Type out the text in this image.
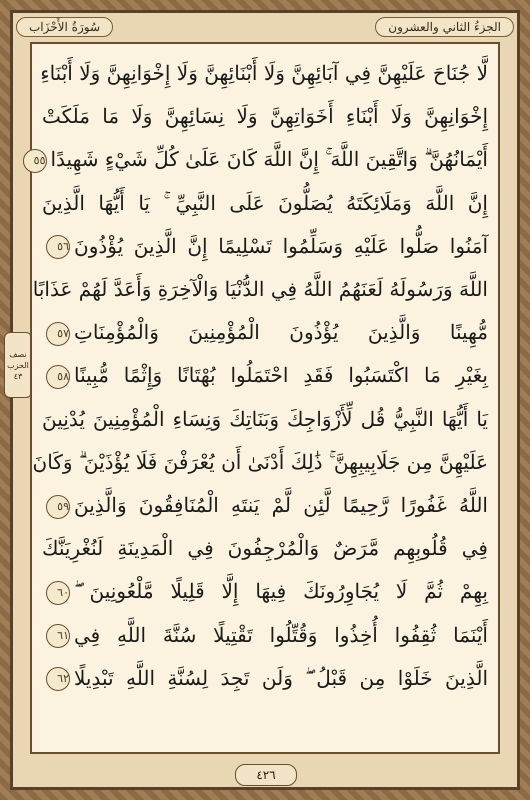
سُورَةُ الأَحْزَاب	الجزءُ الثاني والعشرون
نصف
الحزب
٤٣
لَّا جُنَاحَ عَلَيْهِنَّ فِي آبَائِهِنَّ وَلَا أَبْنَائِهِنَّ وَلَا إِخْوَانِهِنَّ وَلَا أَبْنَاءِ
إِخْوَانِهِنَّ وَلَا أَبْنَاءِ أَخَوَاتِهِنَّ وَلَا نِسَائِهِنَّ وَلَا مَا مَلَكَتْ
أَيْمَانُهُنَّ ۗ وَاتَّقِينَ اللَّهَ ۚ إِنَّ اللَّهَ كَانَ عَلَىٰ كُلِّ شَيْءٍ شَهِيدًا٥٥
إِنَّ اللَّهَ وَمَلَائِكَتَهُ يُصَلُّونَ عَلَى النَّبِيِّ ۚ يَا أَيُّهَا الَّذِينَ
آمَنُوا صَلُّوا عَلَيْهِ وَسَلِّمُوا تَسْلِيمًا إِنَّ الَّذِينَ يُؤْذُونَ٥٦
اللَّهَ وَرَسُولَهُ لَعَنَهُمُ اللَّهُ فِي الدُّنْيَا وَالْآخِرَةِ وَأَعَدَّ لَهُمْ عَذَابًا
مُّهِينًا وَالَّذِينَ يُؤْذُونَ الْمُؤْمِنِينَ وَالْمُؤْمِنَاتِ٥٧
بِغَيْرِ مَا اكْتَسَبُوا فَقَدِ احْتَمَلُوا بُهْتَانًا وَإِثْمًا مُّبِينًا٥٨
يَا أَيُّهَا النَّبِيُّ قُل لِّأَزْوَاجِكَ وَبَنَاتِكَ وَنِسَاءِ الْمُؤْمِنِينَ يُدْنِينَ
عَلَيْهِنَّ مِن جَلَابِيبِهِنَّ ۚ ذَٰلِكَ أَدْنَىٰ أَن يُعْرَفْنَ فَلَا يُؤْذَيْنَ ۗ وَكَانَ
اللَّهُ غَفُورًا رَّحِيمًا لَّئِن لَّمْ يَنتَهِ الْمُنَافِقُونَ وَالَّذِينَ٥٩
فِي قُلُوبِهِم مَّرَضٌ وَالْمُرْجِفُونَ فِي الْمَدِينَةِ لَنُغْرِيَنَّكَ
بِهِمْ ثُمَّ لَا يُجَاوِرُونَكَ فِيهَا إِلَّا قَلِيلًا مَّلْعُونِينَ ۖ٦٠
أَيْنَمَا ثُقِفُوا أُخِذُوا وَقُتِّلُوا تَقْتِيلًا سُنَّةَ اللَّهِ فِي٦١
الَّذِينَ خَلَوْا مِن قَبْلُ ۖ وَلَن تَجِدَ لِسُنَّةِ اللَّهِ تَبْدِيلًا٦٢
٤٢٦
